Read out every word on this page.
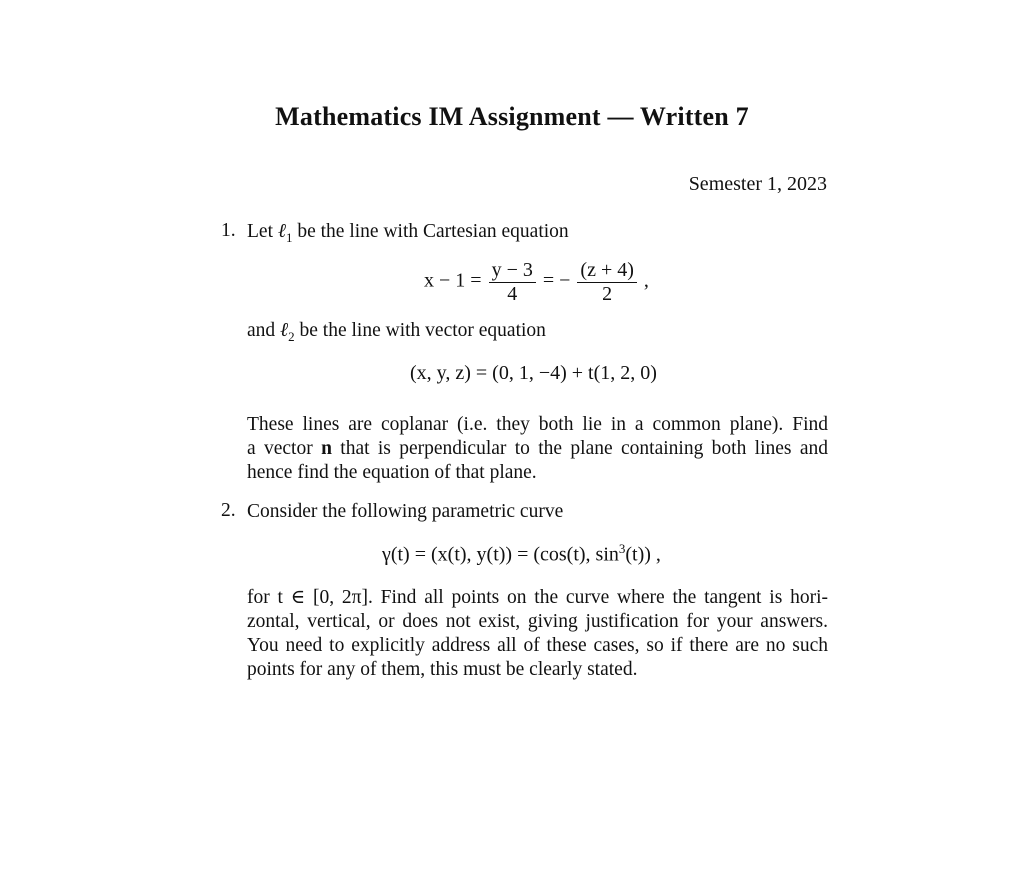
Mathematics IM Assignment — Written 7
Semester 1, 2023
1. Let ℓ$_1$ be the line with Cartesian equation
$x - 1 = \frac{y - 3}{4}$ = − $\frac{(z + 4)}{2}$ ,
and ℓ$_2$ be the line with vector equation
(x, y, z) = (0, 1, −4) + t(1, 2, 0)
These lines are coplanar (i.e. they both lie in a common plane). Find
a vector n that is perpendicular to the plane containing both lines and
hence find the equation of that plane.
2. Consider the following parametric curve
γ(t) = (x(t), y(t)) = (cos(t), $\sin^3(t)$) ,
for t ∈ [0, 2π]. Find all points on the curve where the tangent is hori-
zontal, vertical, or does not exist, giving justification for your answers.
You need to explicitly address all of these cases, so if there are no such
points for any of them, this must be clearly stated.
